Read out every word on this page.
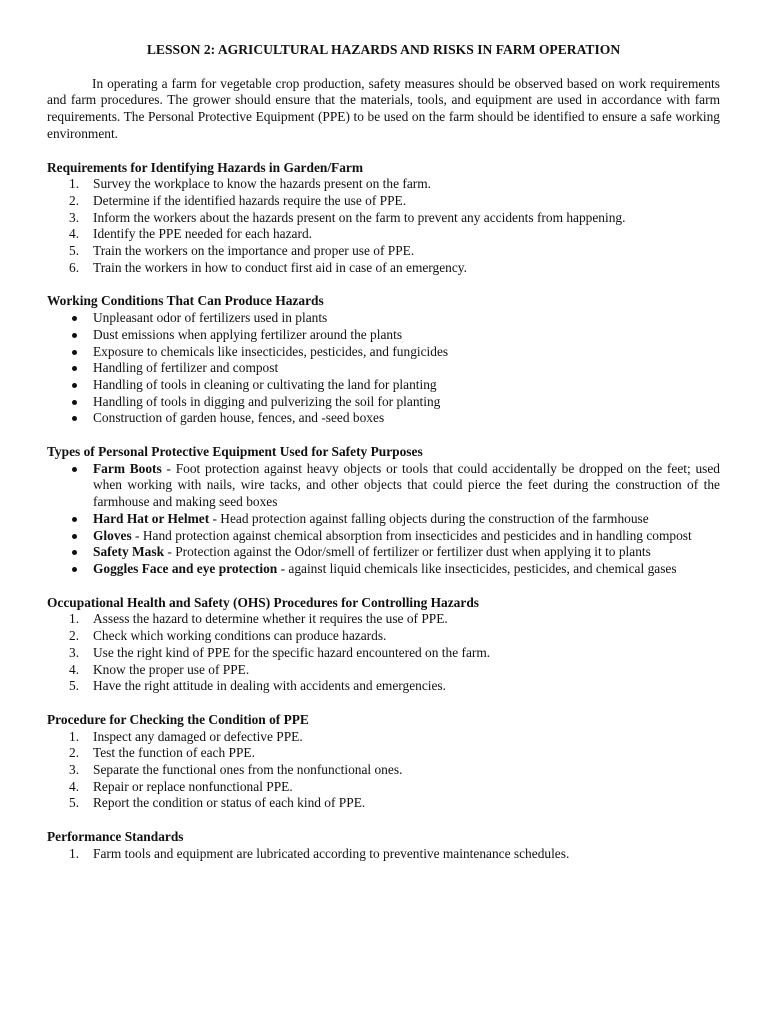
LESSON 2: AGRICULTURAL HAZARDS AND RISKS IN FARM OPERATION

In operating a farm for vegetable crop production, safety measures should be observed based on work requirements and farm procedures. The grower should ensure that the materials, tools, and equipment are used in accordance with farm requirements. The Personal Protective Equipment (PPE) to be used on the farm should be identified to ensure a safe working environment.

Requirements for Identifying Hazards in Garden/Farm
1.	Survey the workplace to know the hazards present on the farm.
2.	Determine if the identified hazards require the use of PPE.
3.	Inform the workers about the hazards present on the farm to prevent any accidents from happening.
4.	Identify the PPE needed for each hazard.
5.	Train the workers on the importance and proper use of PPE.
6.	Train the workers in how to conduct first aid in case of an emergency.
Working Conditions That Can Produce Hazards
Unpleasant odor of fertilizers used in plants
Dust emissions when applying fertilizer around the plants
Exposure to chemicals like insecticides, pesticides, and fungicides
Handling of fertilizer and compost
Handling of tools in cleaning or cultivating the land for planting
Handling of tools in digging and pulverizing the soil for planting
Construction of garden house, fences, and -seed boxes
Types of Personal Protective Equipment Used for Safety Purposes
Farm Boots - Foot protection against heavy objects or tools that could accidentally be dropped on the feet; used when working with nails, wire tacks, and other objects that could pierce the feet during the construction of the farmhouse and making seed boxes
Hard Hat or Helmet - Head protection against falling objects during the construction of the farmhouse
Gloves - Hand protection against chemical absorption from insecticides and pesticides and in handling compost
Safety Mask - Protection against the Odor/smell of fertilizer or fertilizer dust when applying it to plants
Goggles Face and eye protection - against liquid chemicals like insecticides, pesticides, and chemical gases
Occupational Health and Safety (OHS) Procedures for Controlling Hazards
1.	Assess the hazard to determine whether it requires the use of PPE.
2.	Check which working conditions can produce hazards.
3.	Use the right kind of PPE for the specific hazard encountered on the farm.
4.	Know the proper use of PPE.
5.	Have the right attitude in dealing with accidents and emergencies.
Procedure for Checking the Condition of PPE
1.	Inspect any damaged or defective PPE.
2.	Test the function of each PPE.
3.	Separate the functional ones from the nonfunctional ones.
4.	Repair or replace nonfunctional PPE.
5.	Report the condition or status of each kind of PPE.
Performance Standards
1.	Farm tools and equipment are lubricated according to preventive maintenance schedules.
